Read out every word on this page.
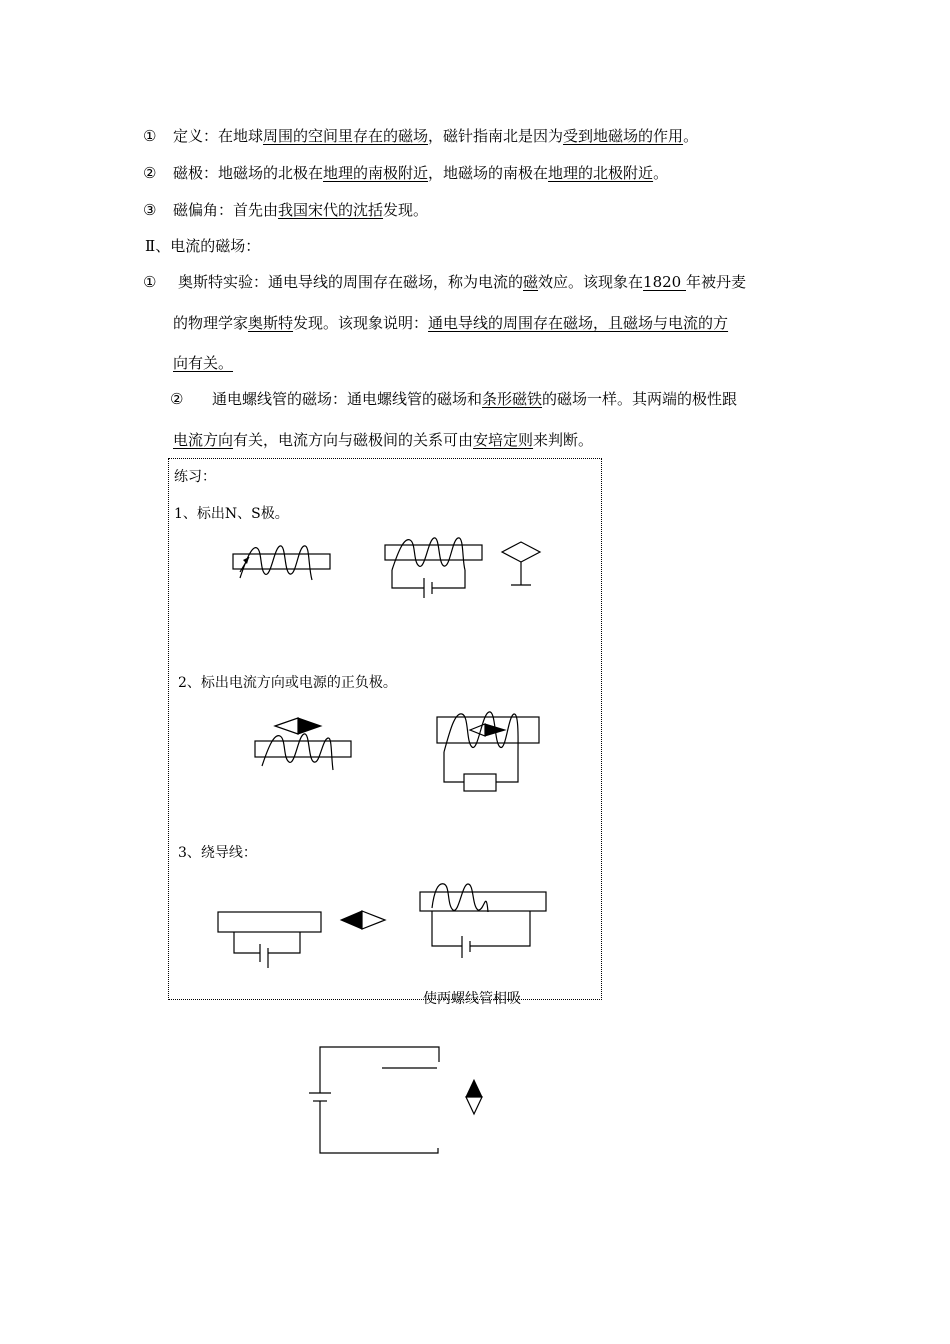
① 定义：在地球周围的空间里存在的磁场，磁针指南北是因为受到地磁场的作用。
② 磁极：地磁场的北极在地理的南极附近，地磁场的南极在地理的北极附近。
③ 磁偏角：首先由我国宋代的沈括发现。
Ⅱ、电流的磁场：
① 奥斯特实验：通电导线的周围存在磁场，称为电流的磁效应。该现象在1820 年被丹麦
的物理学家奥斯特发现。该现象说明：通电导线的周围存在磁场，且磁场与电流的方
向有关。
② 通电螺线管的磁场：通电螺线管的磁场和条形磁铁的磁场一样。其两端的极性跟
电流方向有关，电流方向与磁极间的关系可由安培定则来判断。
练习：
1、标出N、S极。
2、标出电流方向或电源的正负极。
3、绕导线：
使两螺线管相吸
